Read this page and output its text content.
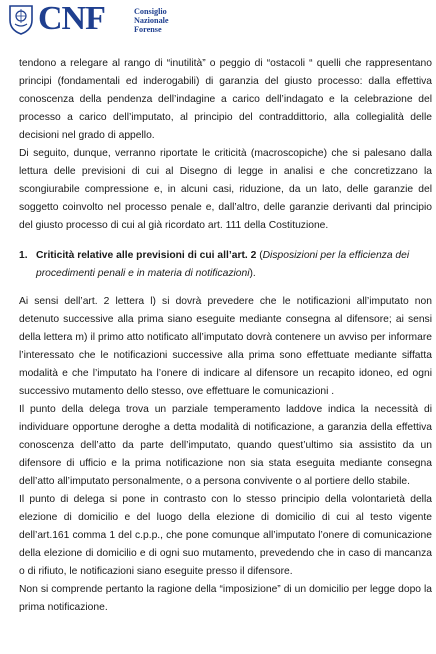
CNF	Consiglio
Nazionale
Forense

tendono a relegare al rango di “inutilità” o peggio di “ostacoli “ quelli che rappresentano principi (fondamentali ed inderogabili) di garanzia del giusto processo: dalla effettiva conoscenza della pendenza dell’indagine a carico dell’indagato e la celebrazione del processo a carico dell’imputato, al principio del contraddittorio, alla collegialità delle decisioni nel grado di appello.

Di seguito, dunque, verranno riportate le criticità (macroscopiche) che si palesano dalla lettura delle previsioni di cui al Disegno di legge in analisi e che concretizzano la scongiurabile compressione e, in alcuni casi, riduzione, da un lato, delle garanzie del soggetto coinvolto nel processo penale e, dall’altro, delle garanzie derivanti dal principio del giusto processo di cui al già ricordato art. 111 della Costituzione.

1. Criticità relative alle previsioni di cui all’art. 2 (Disposizioni per la efficienza dei procedimenti penali e in materia di notificazioni).

Ai sensi dell’art. 2 lettera l) si dovrà prevedere che le notificazioni all’imputato non detenuto successive alla prima siano eseguite mediante consegna al difensore; ai sensi della lettera m) il primo atto notificato all’imputato dovrà contenere un avviso per informare l’interessato che le notificazioni successive alla prima sono effettuate mediante siffatta modalità e che l’imputato ha l’onere di indicare al difensore un recapito idoneo, ed ogni successivo mutamento dello stesso, ove effettuare le comunicazioni .

Il punto della delega trova un parziale temperamento laddove indica la necessità di individuare opportune deroghe a detta modalità di notificazione, a garanzia della effettiva conoscenza dell’atto da parte dell’imputato, quando quest’ultimo sia assistito da un difensore di ufficio e la prima notificazione non sia stata eseguita mediante consegna dell’atto all’imputato personalmente, o a persona convivente o al portiere dello stabile.

Il punto di delega si pone in contrasto con lo stesso principio della volontarietà della elezione di domicilio e del luogo della elezione di domicilio di cui al testo vigente dell’art.161 comma 1 del c.p.p., che pone comunque all’imputato l’onere di comunicazione della elezione di domicilio e di ogni suo mutamento, prevedendo che in caso di mancanza o di rifiuto, le notificazioni siano eseguite presso il difensore.

Non si comprende pertanto la ragione della “imposizione” di un domicilio per legge dopo la prima notificazione.
